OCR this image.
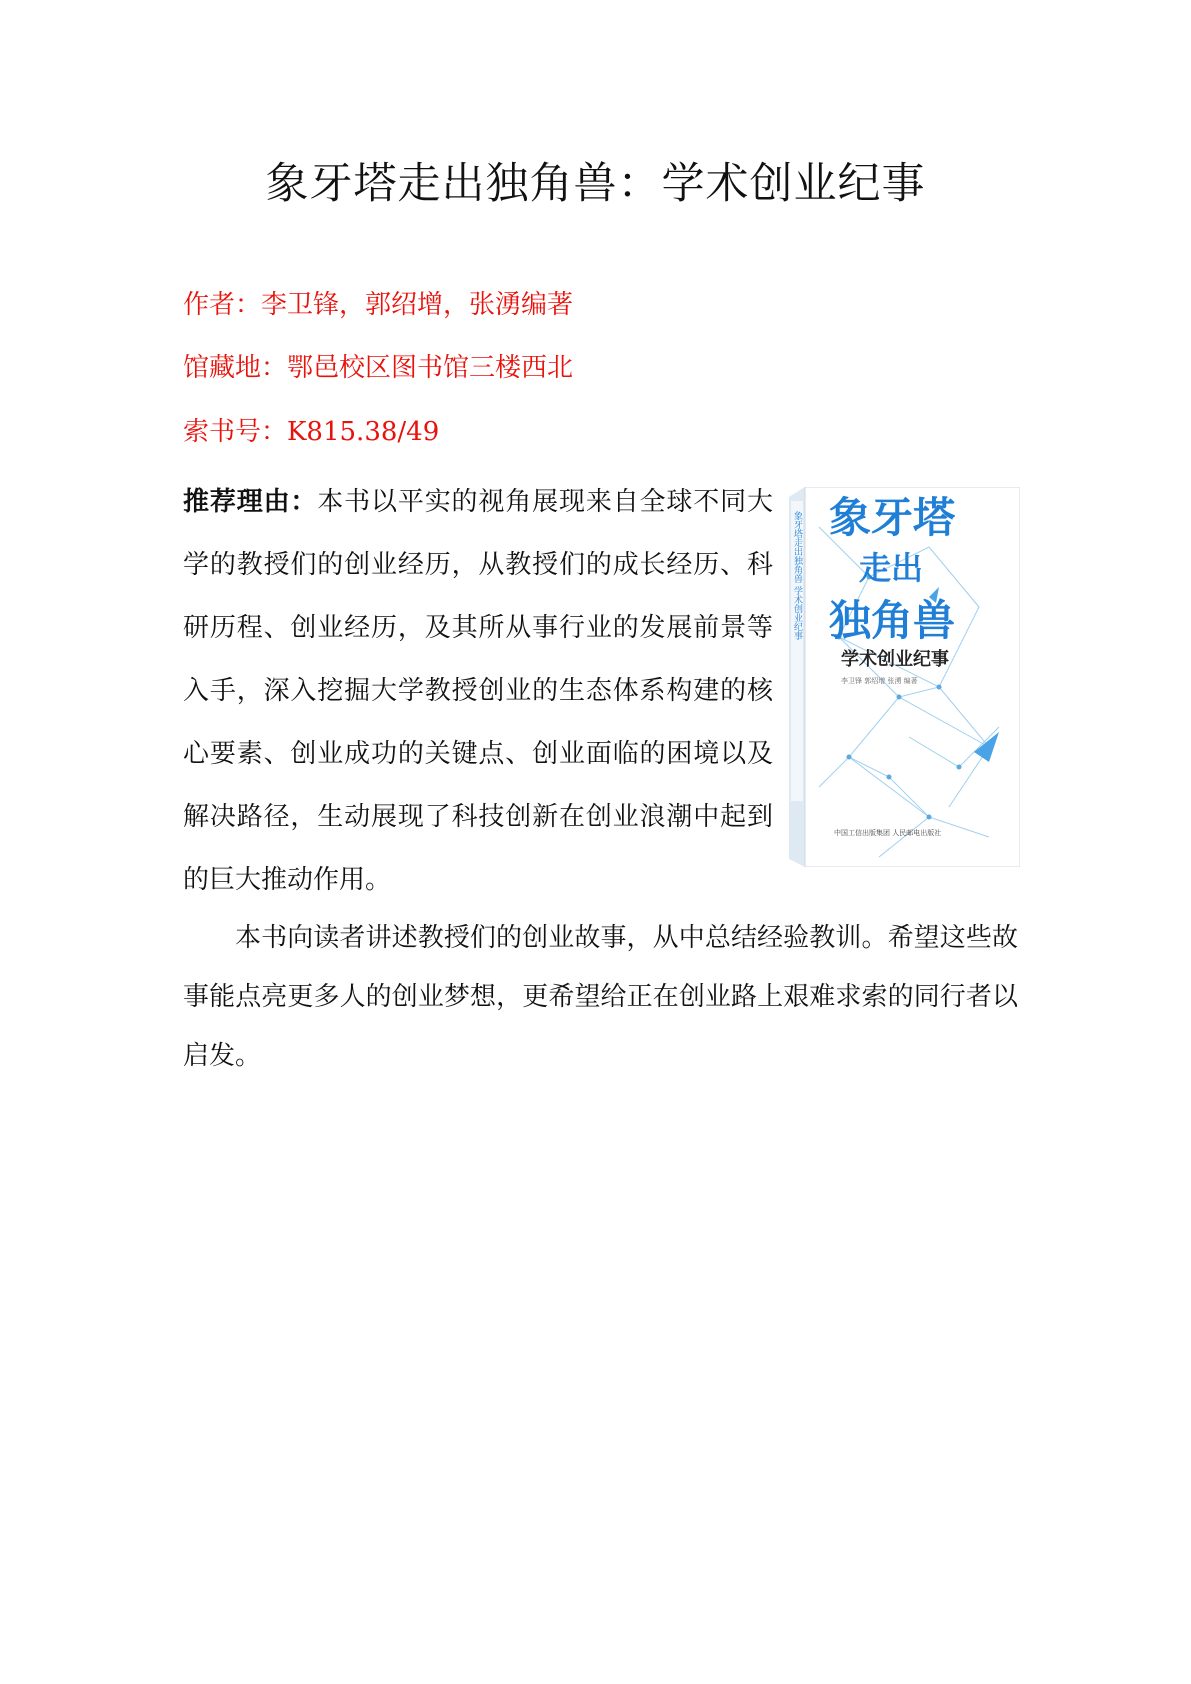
象牙塔走出独角兽：学术创业纪事

作者：李卫锋，郭绍增，张湧编著

馆藏地：鄂邑校区图书馆三楼西北

索书号：K815.38/49

推荐理由：本书以平实的视角展现来自全球不同大学的教授们的创业经历，从教授们的成长经历、科研历程、创业经历，及其所从事行业的发展前景等入手，深入挖掘大学教授创业的生态体系构建的核心要素、创业成功的关键点、创业面临的困境以及解决路径，生动展现了科技创新在创业浪潮中起到的巨大推动作用。

象牙塔走出独角兽 学术创业纪事 象牙塔
走出
独角兽
学术创业纪事
李卫锋 郭绍增 张湧 编著
中国工信出版集团 人民邮电出版社

本书向读者讲述教授们的创业故事，从中总结经验教训。希望这些故事能点亮更多人的创业梦想，更希望给正在创业路上艰难求索的同行者以启发。
